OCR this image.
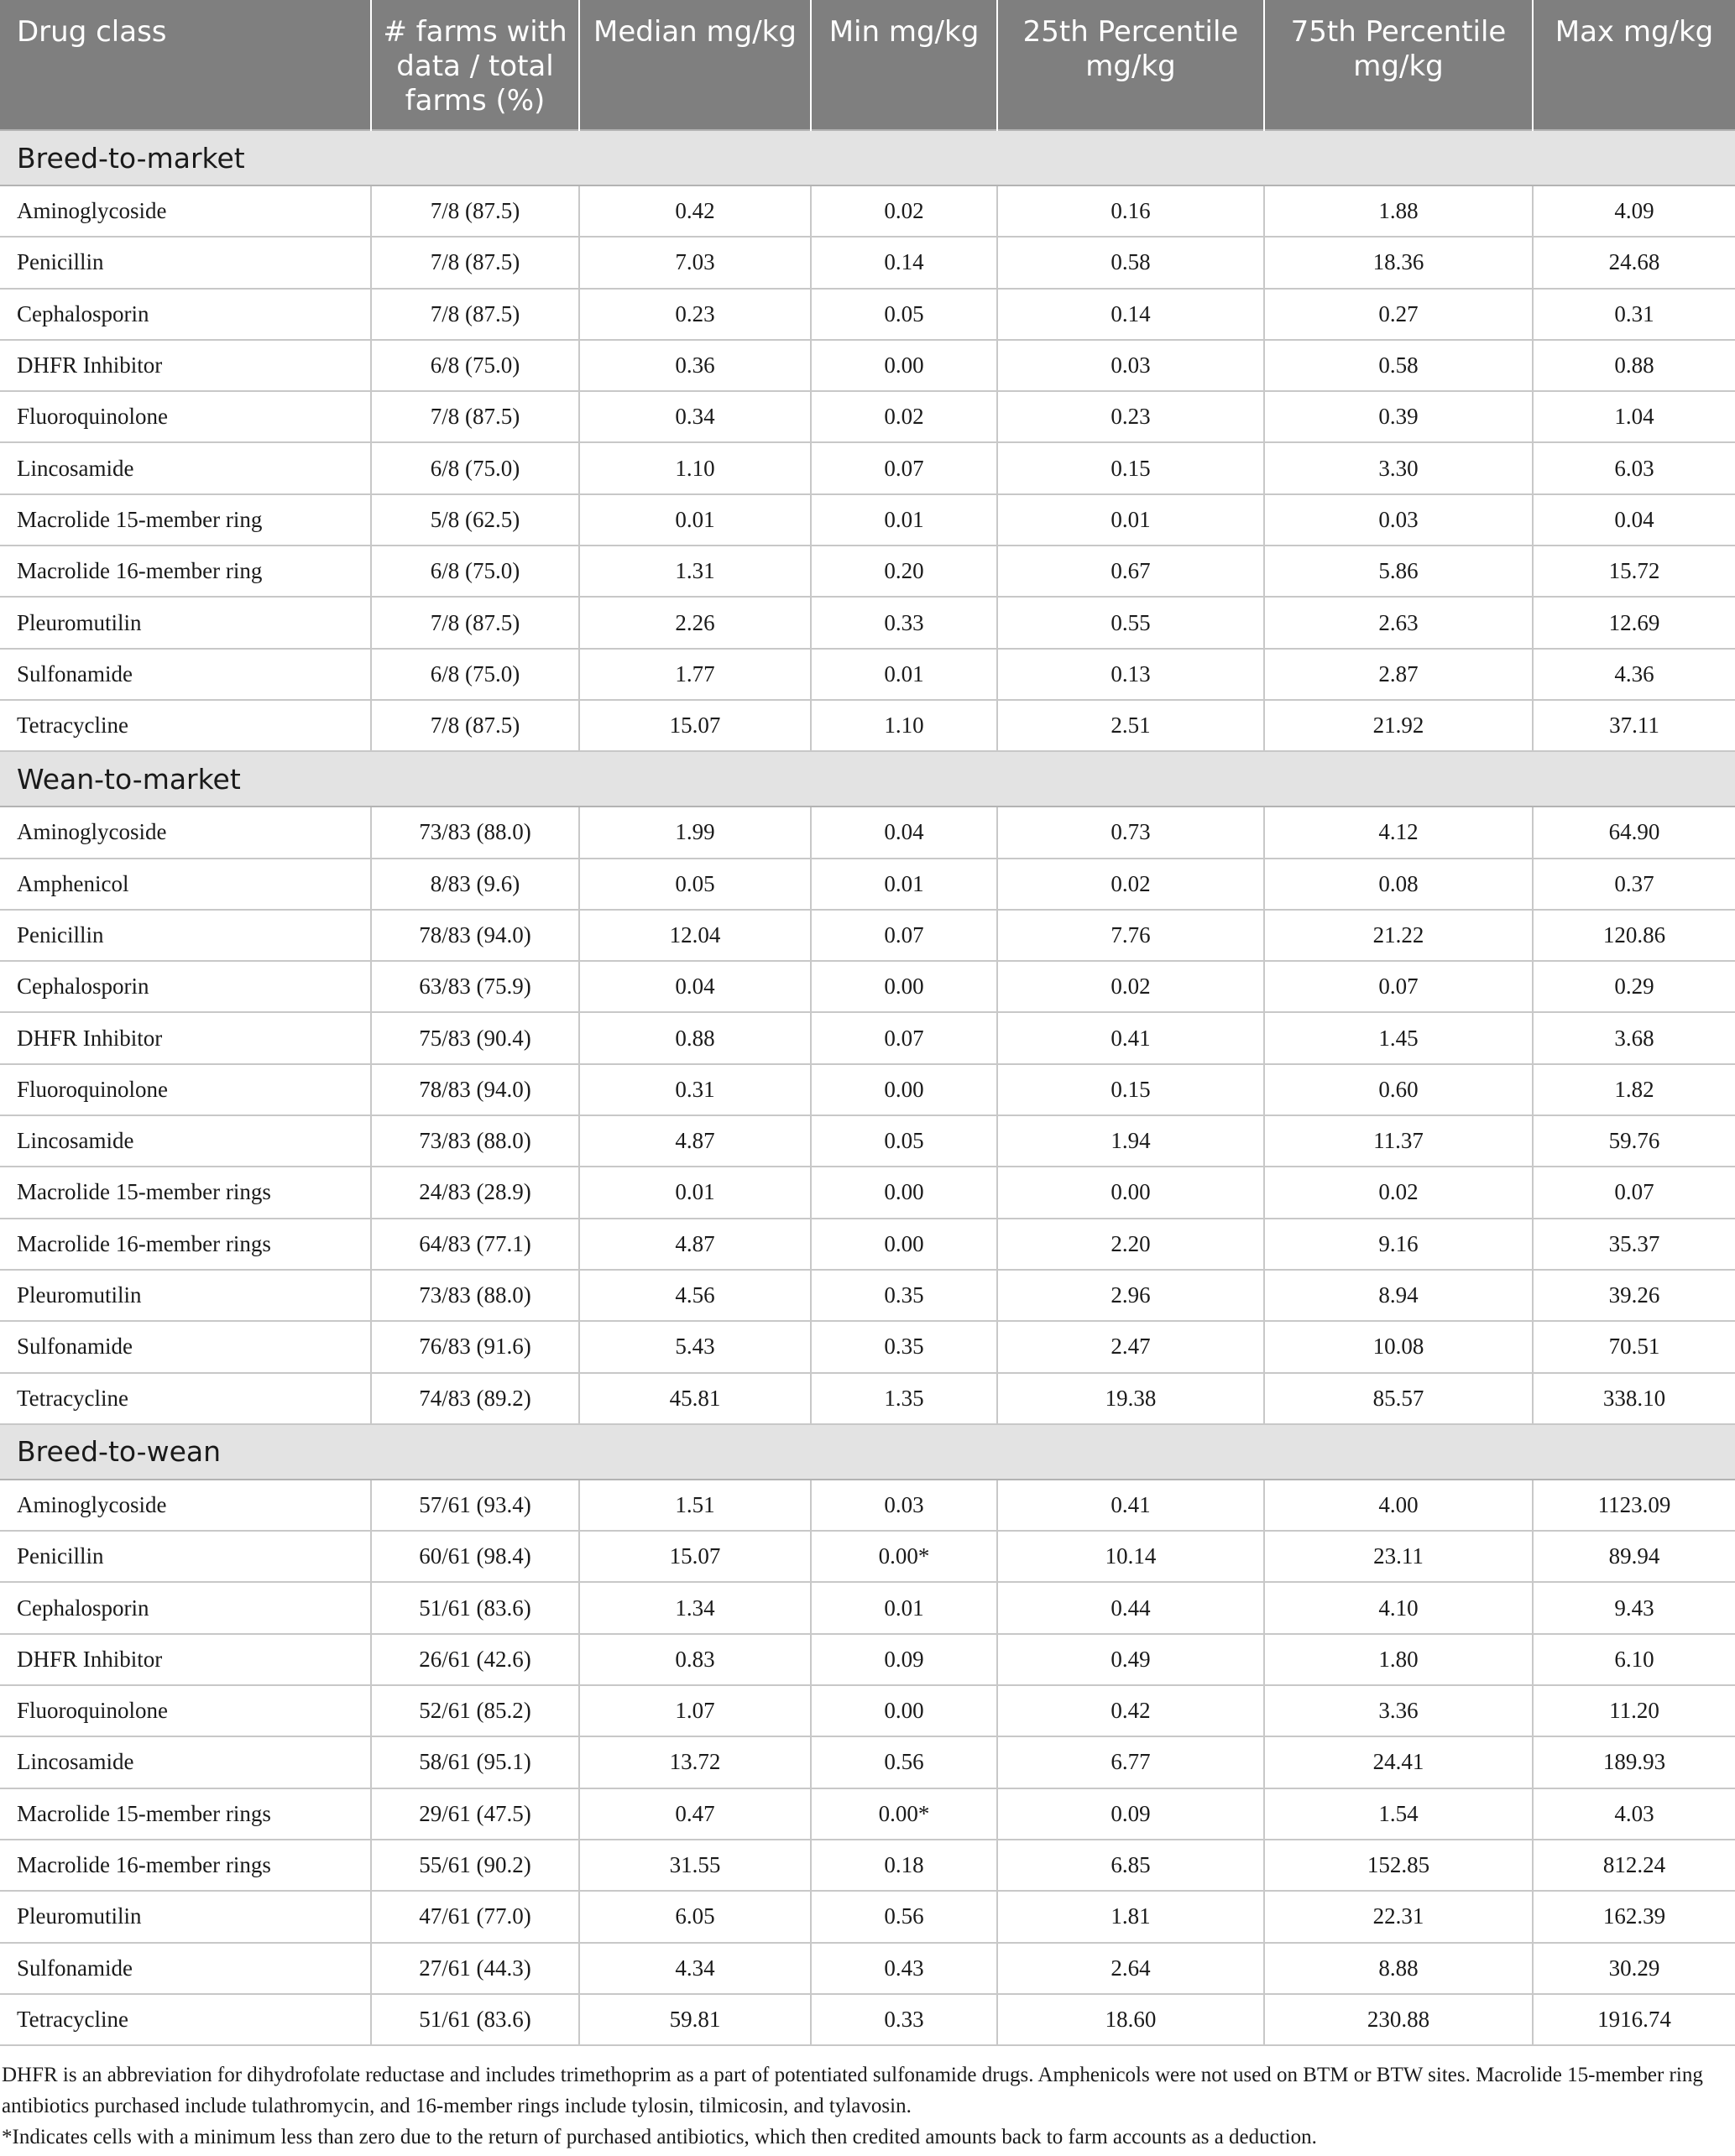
Drug class	# farms with data / total farms (%)	Median mg/kg	Min mg/kg	25th Percentile mg/kg	75th Percentile mg/kg	Max mg/kg
Breed-to-market						
Aminoglycoside	7/8 (87.5)	0.42	0.02	0.16	1.88	4.09
Penicillin	7/8 (87.5)	7.03	0.14	0.58	18.36	24.68
Cephalosporin	7/8 (87.5)	0.23	0.05	0.14	0.27	0.31
DHFR Inhibitor	6/8 (75.0)	0.36	0.00	0.03	0.58	0.88
Fluoroquinolone	7/8 (87.5)	0.34	0.02	0.23	0.39	1.04
Lincosamide	6/8 (75.0)	1.10	0.07	0.15	3.30	6.03
Macrolide 15-member ring	5/8 (62.5)	0.01	0.01	0.01	0.03	0.04
Macrolide 16-member ring	6/8 (75.0)	1.31	0.20	0.67	5.86	15.72
Pleuromutilin	7/8 (87.5)	2.26	0.33	0.55	2.63	12.69
Sulfonamide	6/8 (75.0)	1.77	0.01	0.13	2.87	4.36
Tetracycline	7/8 (87.5)	15.07	1.10	2.51	21.92	37.11
Wean-to-market						
Aminoglycoside	73/83 (88.0)	1.99	0.04	0.73	4.12	64.90
Amphenicol	8/83 (9.6)	0.05	0.01	0.02	0.08	0.37
Penicillin	78/83 (94.0)	12.04	0.07	7.76	21.22	120.86
Cephalosporin	63/83 (75.9)	0.04	0.00	0.02	0.07	0.29
DHFR Inhibitor	75/83 (90.4)	0.88	0.07	0.41	1.45	3.68
Fluoroquinolone	78/83 (94.0)	0.31	0.00	0.15	0.60	1.82
Lincosamide	73/83 (88.0)	4.87	0.05	1.94	11.37	59.76
Macrolide 15-member rings	24/83 (28.9)	0.01	0.00	0.00	0.02	0.07
Macrolide 16-member rings	64/83 (77.1)	4.87	0.00	2.20	9.16	35.37
Pleuromutilin	73/83 (88.0)	4.56	0.35	2.96	8.94	39.26
Sulfonamide	76/83 (91.6)	5.43	0.35	2.47	10.08	70.51
Tetracycline	74/83 (89.2)	45.81	1.35	19.38	85.57	338.10
Breed-to-wean						
Aminoglycoside	57/61 (93.4)	1.51	0.03	0.41	4.00	1123.09
Penicillin	60/61 (98.4)	15.07	0.00*	10.14	23.11	89.94
Cephalosporin	51/61 (83.6)	1.34	0.01	0.44	4.10	9.43
DHFR Inhibitor	26/61 (42.6)	0.83	0.09	0.49	1.80	6.10
Fluoroquinolone	52/61 (85.2)	1.07	0.00	0.42	3.36	11.20
Lincosamide	58/61 (95.1)	13.72	0.56	6.77	24.41	189.93
Macrolide 15-member rings	29/61 (47.5)	0.47	0.00*	0.09	1.54	4.03
Macrolide 16-member rings	55/61 (90.2)	31.55	0.18	6.85	152.85	812.24
Pleuromutilin	47/61 (77.0)	6.05	0.56	1.81	22.31	162.39
Sulfonamide	27/61 (44.3)	4.34	0.43	2.64	8.88	30.29
Tetracycline	51/61 (83.6)	59.81	0.33	18.60	230.88	1916.74

DHFR is an abbreviation for dihydrofolate reductase and includes trimethoprim as a part of potentiated sulfonamide drugs. Amphenicols were not used on BTM or BTW sites. Macrolide 15-member ring antibiotics purchased include tulathromycin, and 16-member rings include tylosin, tilmicosin, and tylavosin.

*Indicates cells with a minimum less than zero due to the return of purchased antibiotics, which then credited amounts back to farm accounts as a deduction.
